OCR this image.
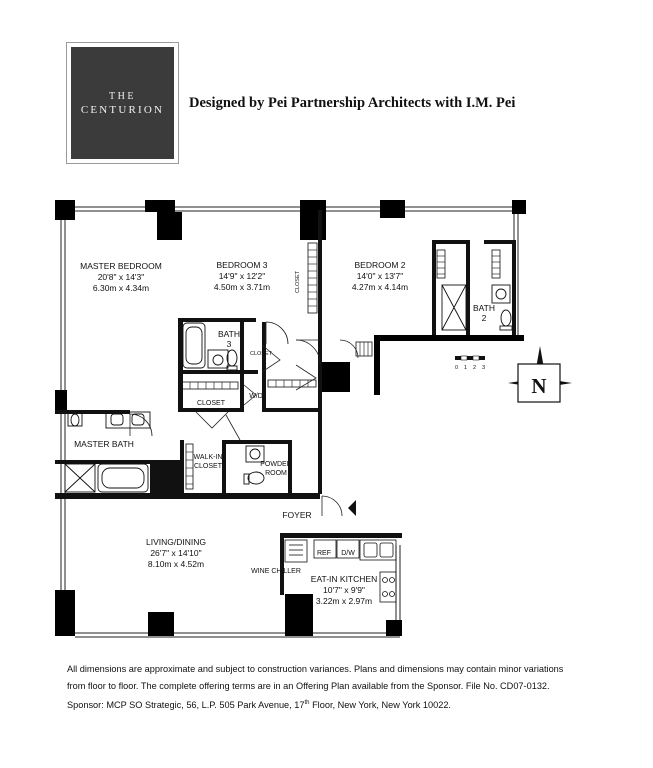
THE
CENTURION Designed by Pei Partnership Architects with I.M. Pei
0 1 2 3
N
MASTER BEDROOM
20'8" x 14'3"
6.30m x 4.34m
BEDROOM 3
14'9" x 12'2"
4.50m x 3.71m
BEDROOM 2
14'0" x 13'7"
4.27m x 4.14m
LIVING/DINING
26'7" x 14'10"
8.10m x 4.52m
EAT-IN KITCHEN
10'7" x 9'9"
3.22m x 2.97m
BATH
3
BATH
2
MASTER BATH
CLOSET
W/D
WALK-IN
CLOSET	POWDER
ROOM
FOYER
WINE CHILLER
REF D/W
CLOSET
CLOSET

All dimensions are approximate and subject to construction variances. Plans and dimensions may contain minor variations

from floor to floor. The complete offering terms are in an Offering Plan available from the Sponsor. File No. CD07-0132.

Sponsor: MCP SO Strategic, 56, L.P. 505 Park Avenue, 17th Floor, New York, New York 10022.
